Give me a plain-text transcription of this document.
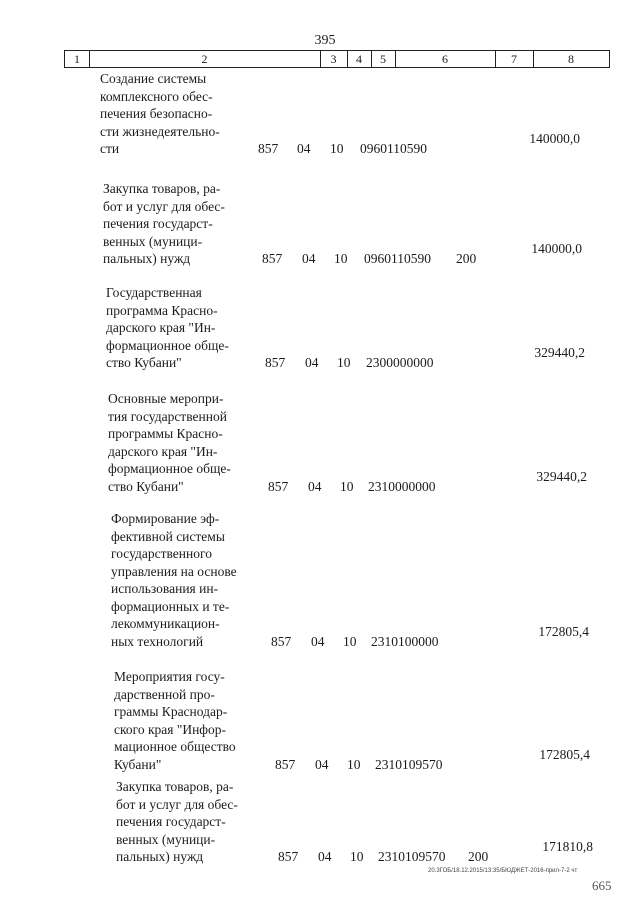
395
1	2	3	4	5	6	7	8
Создание системы
комплексного обес-
печения безопасно-
сти жизнедеятельно-
сти	857 04 10 0960110590
140000,0
Закупка товаров, ра-
бот и услуг для обес-
печения государст-
венных (муници-
пальных) нужд	857 04 10 0960110590 200
140000,0
Государственная
программа Красно-
дарского края "Ин-
формационное обще-
ство Кубани"	857 04 10 2300000000
329440,2
Основные меропри-
тия государственной
программы Красно-
дарского края "Ин-
формационное обще-
ство Кубани"	857 04 10 2310000000
329440,2
Формирование эф-
фективной системы
государственного
управления на основе
использования ин-
формационных и те-
лекоммуникацион-
ных технологий	857 04 10 2310100000
172805,4
Мероприятия госу-
дарственной про-
граммы Краснодар-
ского края "Инфор-
мационное общество
Кубани"	857 04 10 2310109570
172805,4
Закупка товаров, ра-
бот и услуг для обес-
печения государст-
венных (муници-
пальных) нужд	857 04 10 2310109570 200
171810,8
20.3ГОБ/18.12.2015/13:35/БЮДЖЕТ-2016-прил-7-2 чт
665
